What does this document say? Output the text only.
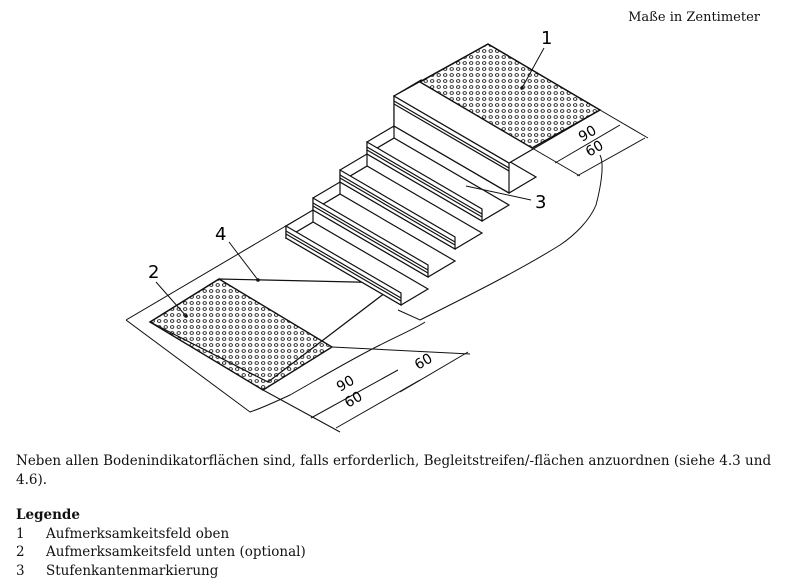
Maße in Zentimeter
1
3
4
2
90
60
60
90
60
Neben allen Bodenindikatorflächen sind, falls erforderlich, Begleitstreifen/-flächen anzuordnen (siehe 4.3 und 4.6).
Legende
1	Aufmerksamkeitsfeld oben
2	Aufmerksamkeitsfeld unten (optional)
3	Stufenkantenmarkierung
